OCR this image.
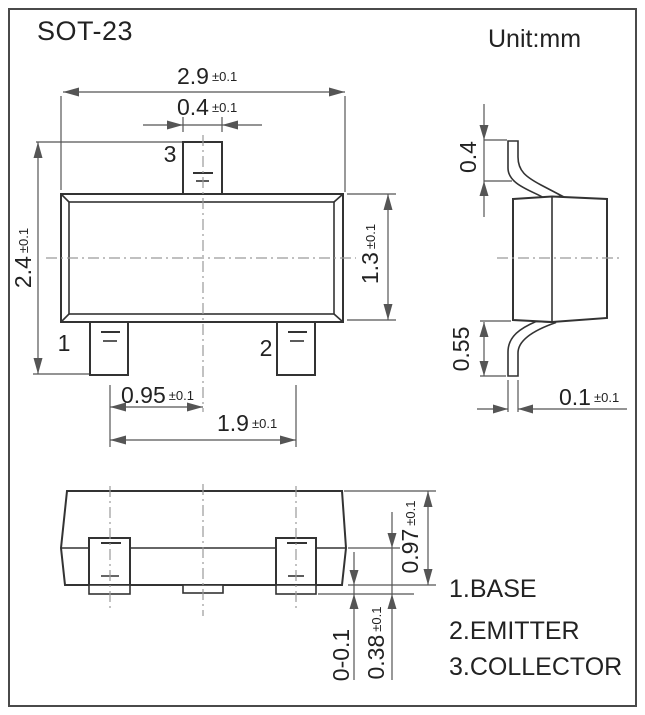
SOT-23	Unit:mm
2.9 ±0.1
0.4 ±0.1
3
1	2
2.4±0.1
1.3±0.1
0.95 ±0.1
1.9 ±0.1
0.4
0.55
0.1 ±0.1
0.97±0.1
0.38±0.1
0-0.1
1.BASE
2.EMITTER
3.COLLECTOR
